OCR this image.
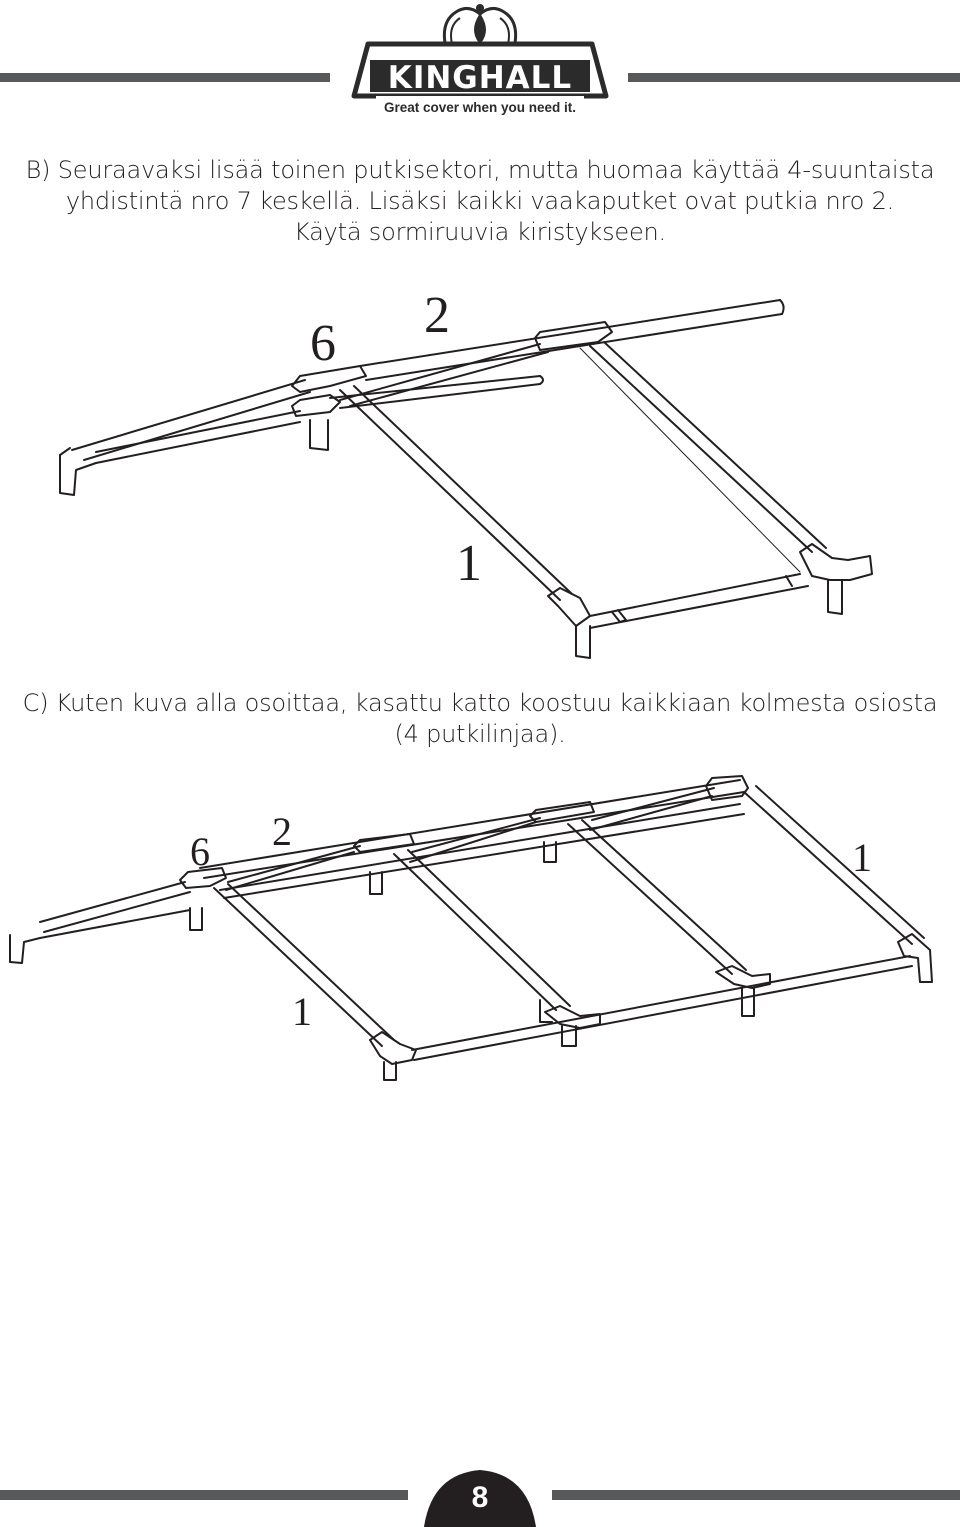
KINGHALL
Great cover when you need it.

B) Seuraavaksi lisää toinen putkisektori, mutta huomaa käyttää 4-suuntaista
yhdistintä nro 7 keskellä. Lisäksi kaikki vaakaputket ovat putkia nro 2.
Käytä sormiruuvia kiristykseen.

6 2
1

C) Kuten kuva alla osoittaa, kasattu katto koostuu kaikkiaan kolmesta osiosta
(4 putkilinjaa).

6 2
1
1
8
